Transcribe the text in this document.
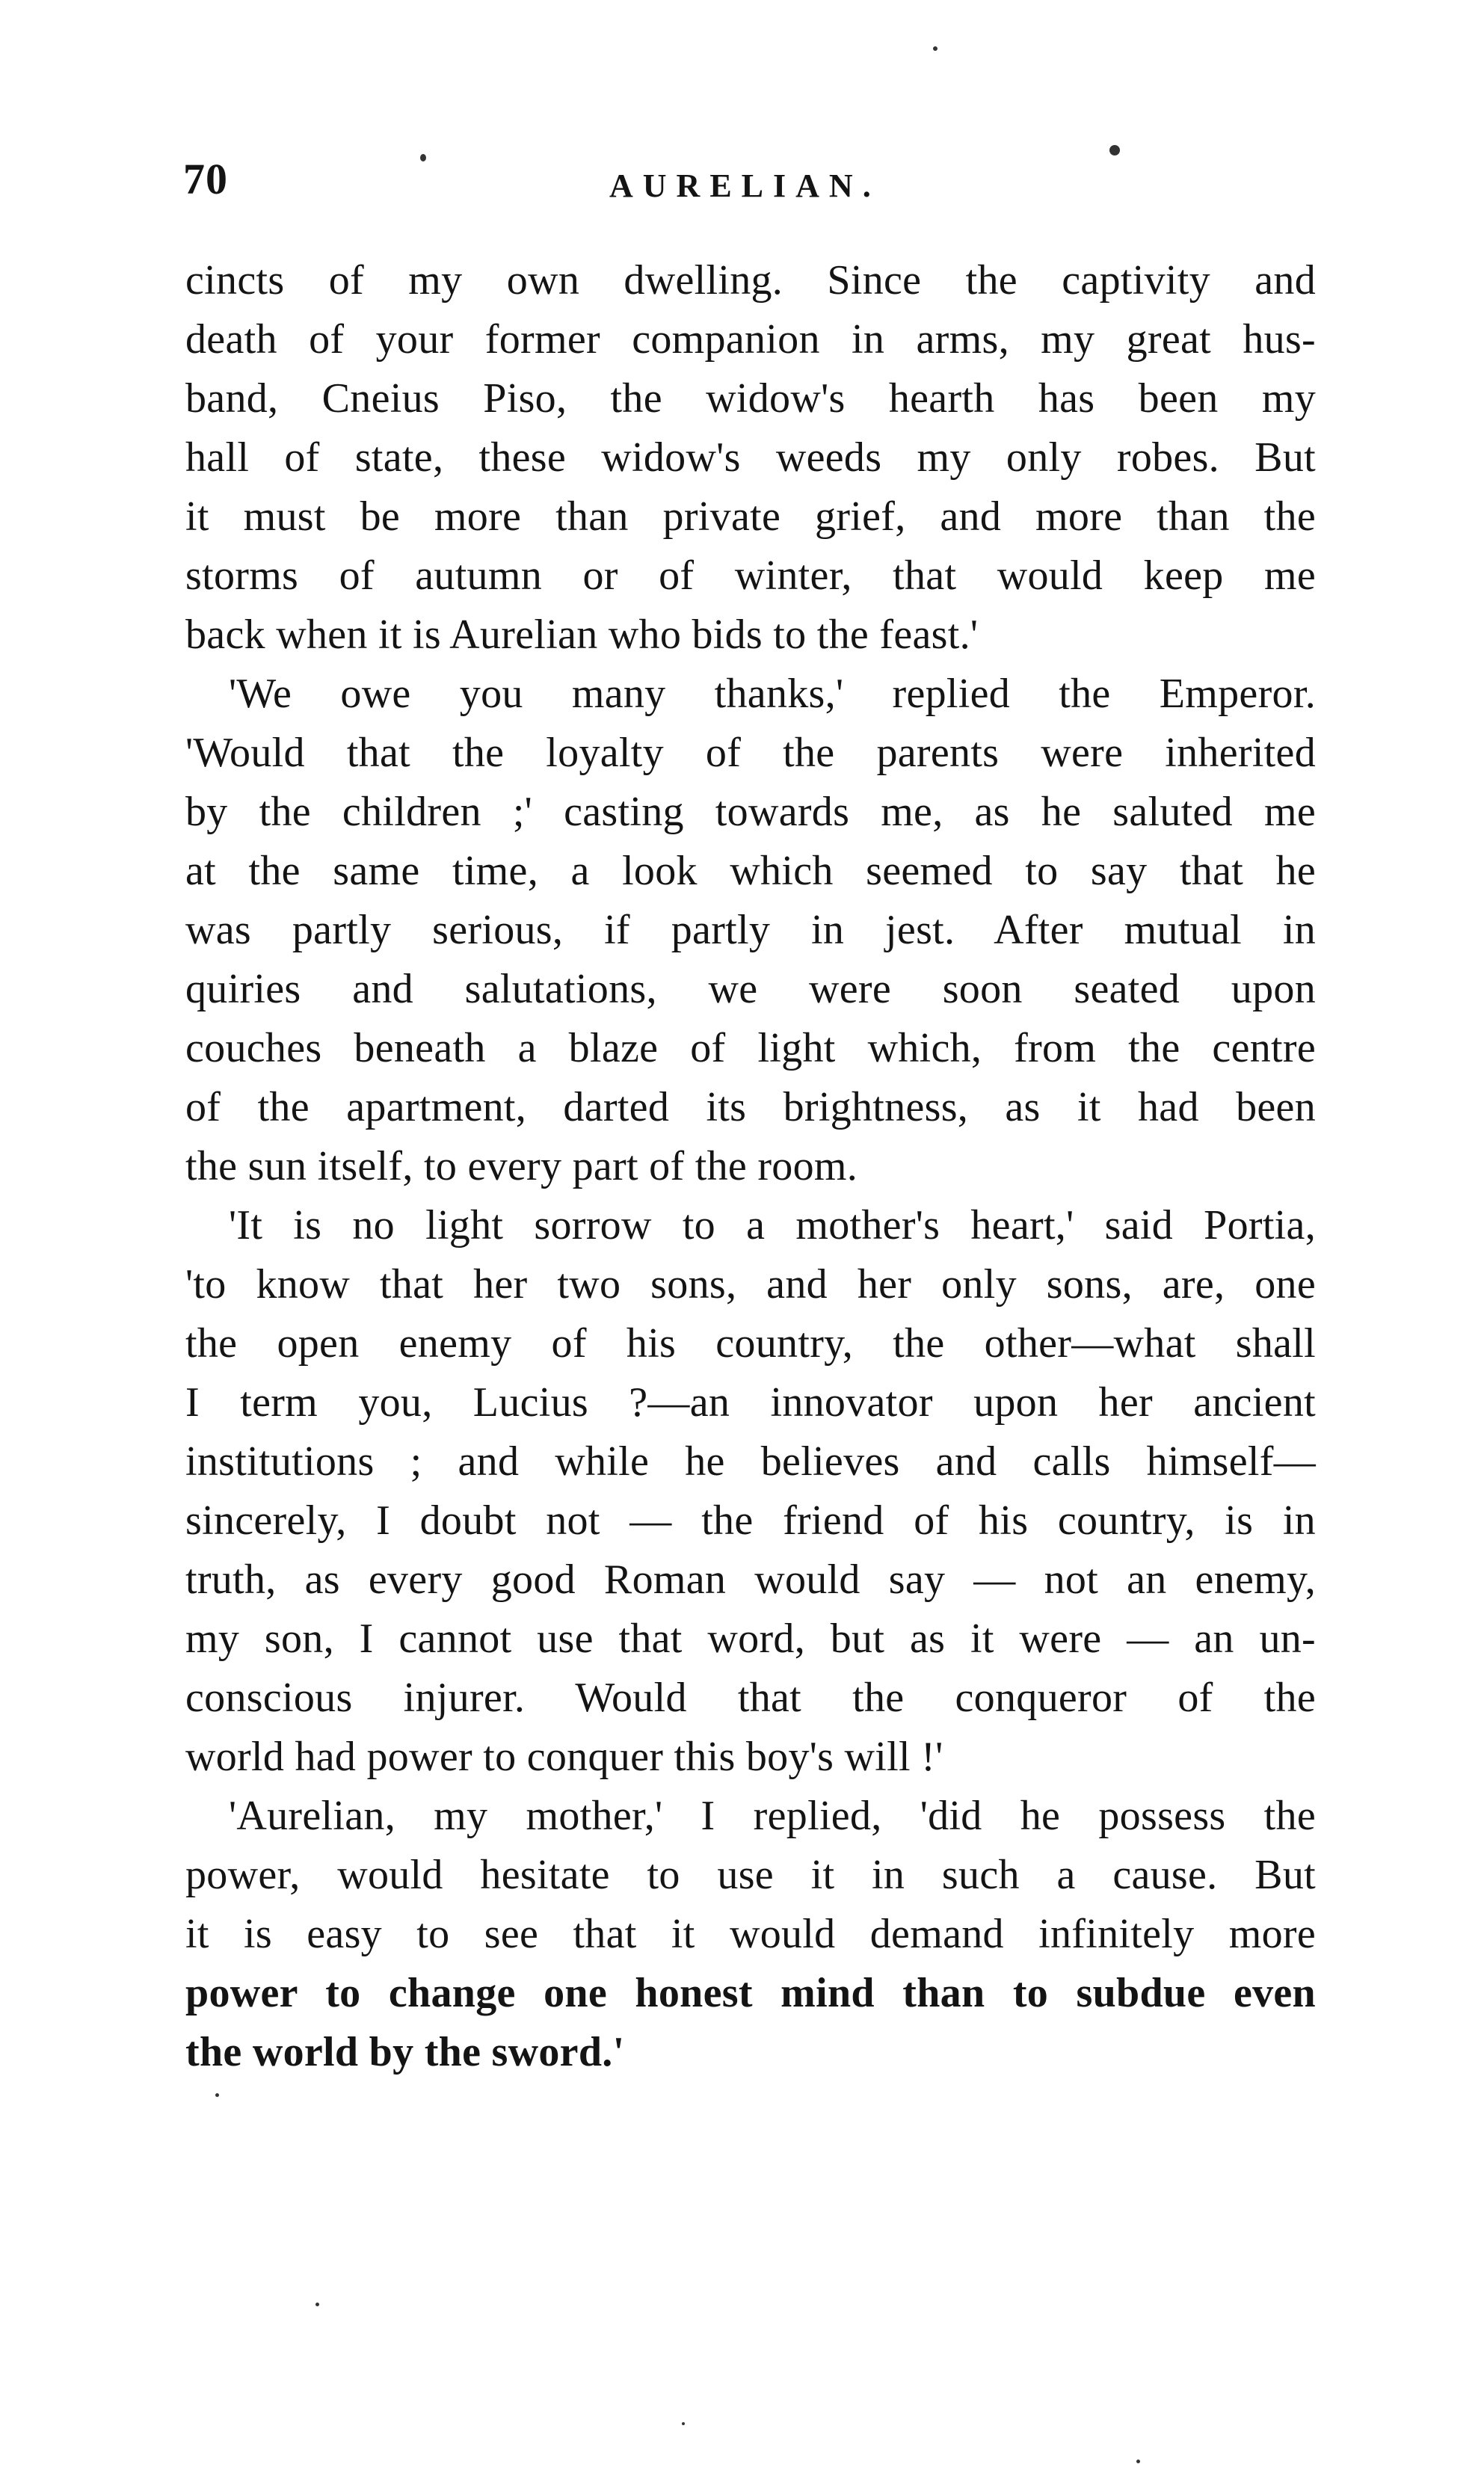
70	AURELIAN.
cincts of my own dwelling. Since the captivity and
death of your former companion in arms, my great hus-
band, Cneius Piso, the widow's hearth has been my
hall of state, these widow's weeds my only robes. But
it must be more than private grief, and more than the
storms of autumn or of winter, that would keep me
back when it is Aurelian who bids to the feast.'
'We owe you many thanks,' replied the Emperor.
'Would that the loyalty of the parents were inherited
by the children ;' casting towards me, as he saluted me
at the same time, a look which seemed to say that he
was partly serious, if partly in jest. After mutual in
quiries and salutations, we were soon seated upon
couches beneath a blaze of light which, from the centre
of the apartment, darted its brightness, as it had been
the sun itself, to every part of the room.
'It is no light sorrow to a mother's heart,' said Portia,
'to know that her two sons, and her only sons, are, one
the open enemy of his country, the other—what shall
I term you, Lucius ?—an innovator upon her ancient
institutions ; and while he believes and calls himself—
sincerely, I doubt not — the friend of his country, is in
truth, as every good Roman would say — not an enemy,
my son, I cannot use that word, but as it were — an un-
conscious injurer. Would that the conqueror of the
world had power to conquer this boy's will !'
'Aurelian, my mother,' I replied, 'did he possess the
power, would hesitate to use it in such a cause. But
it is easy to see that it would demand infinitely more
power to change one honest mind than to subdue even
the world by the sword.'
